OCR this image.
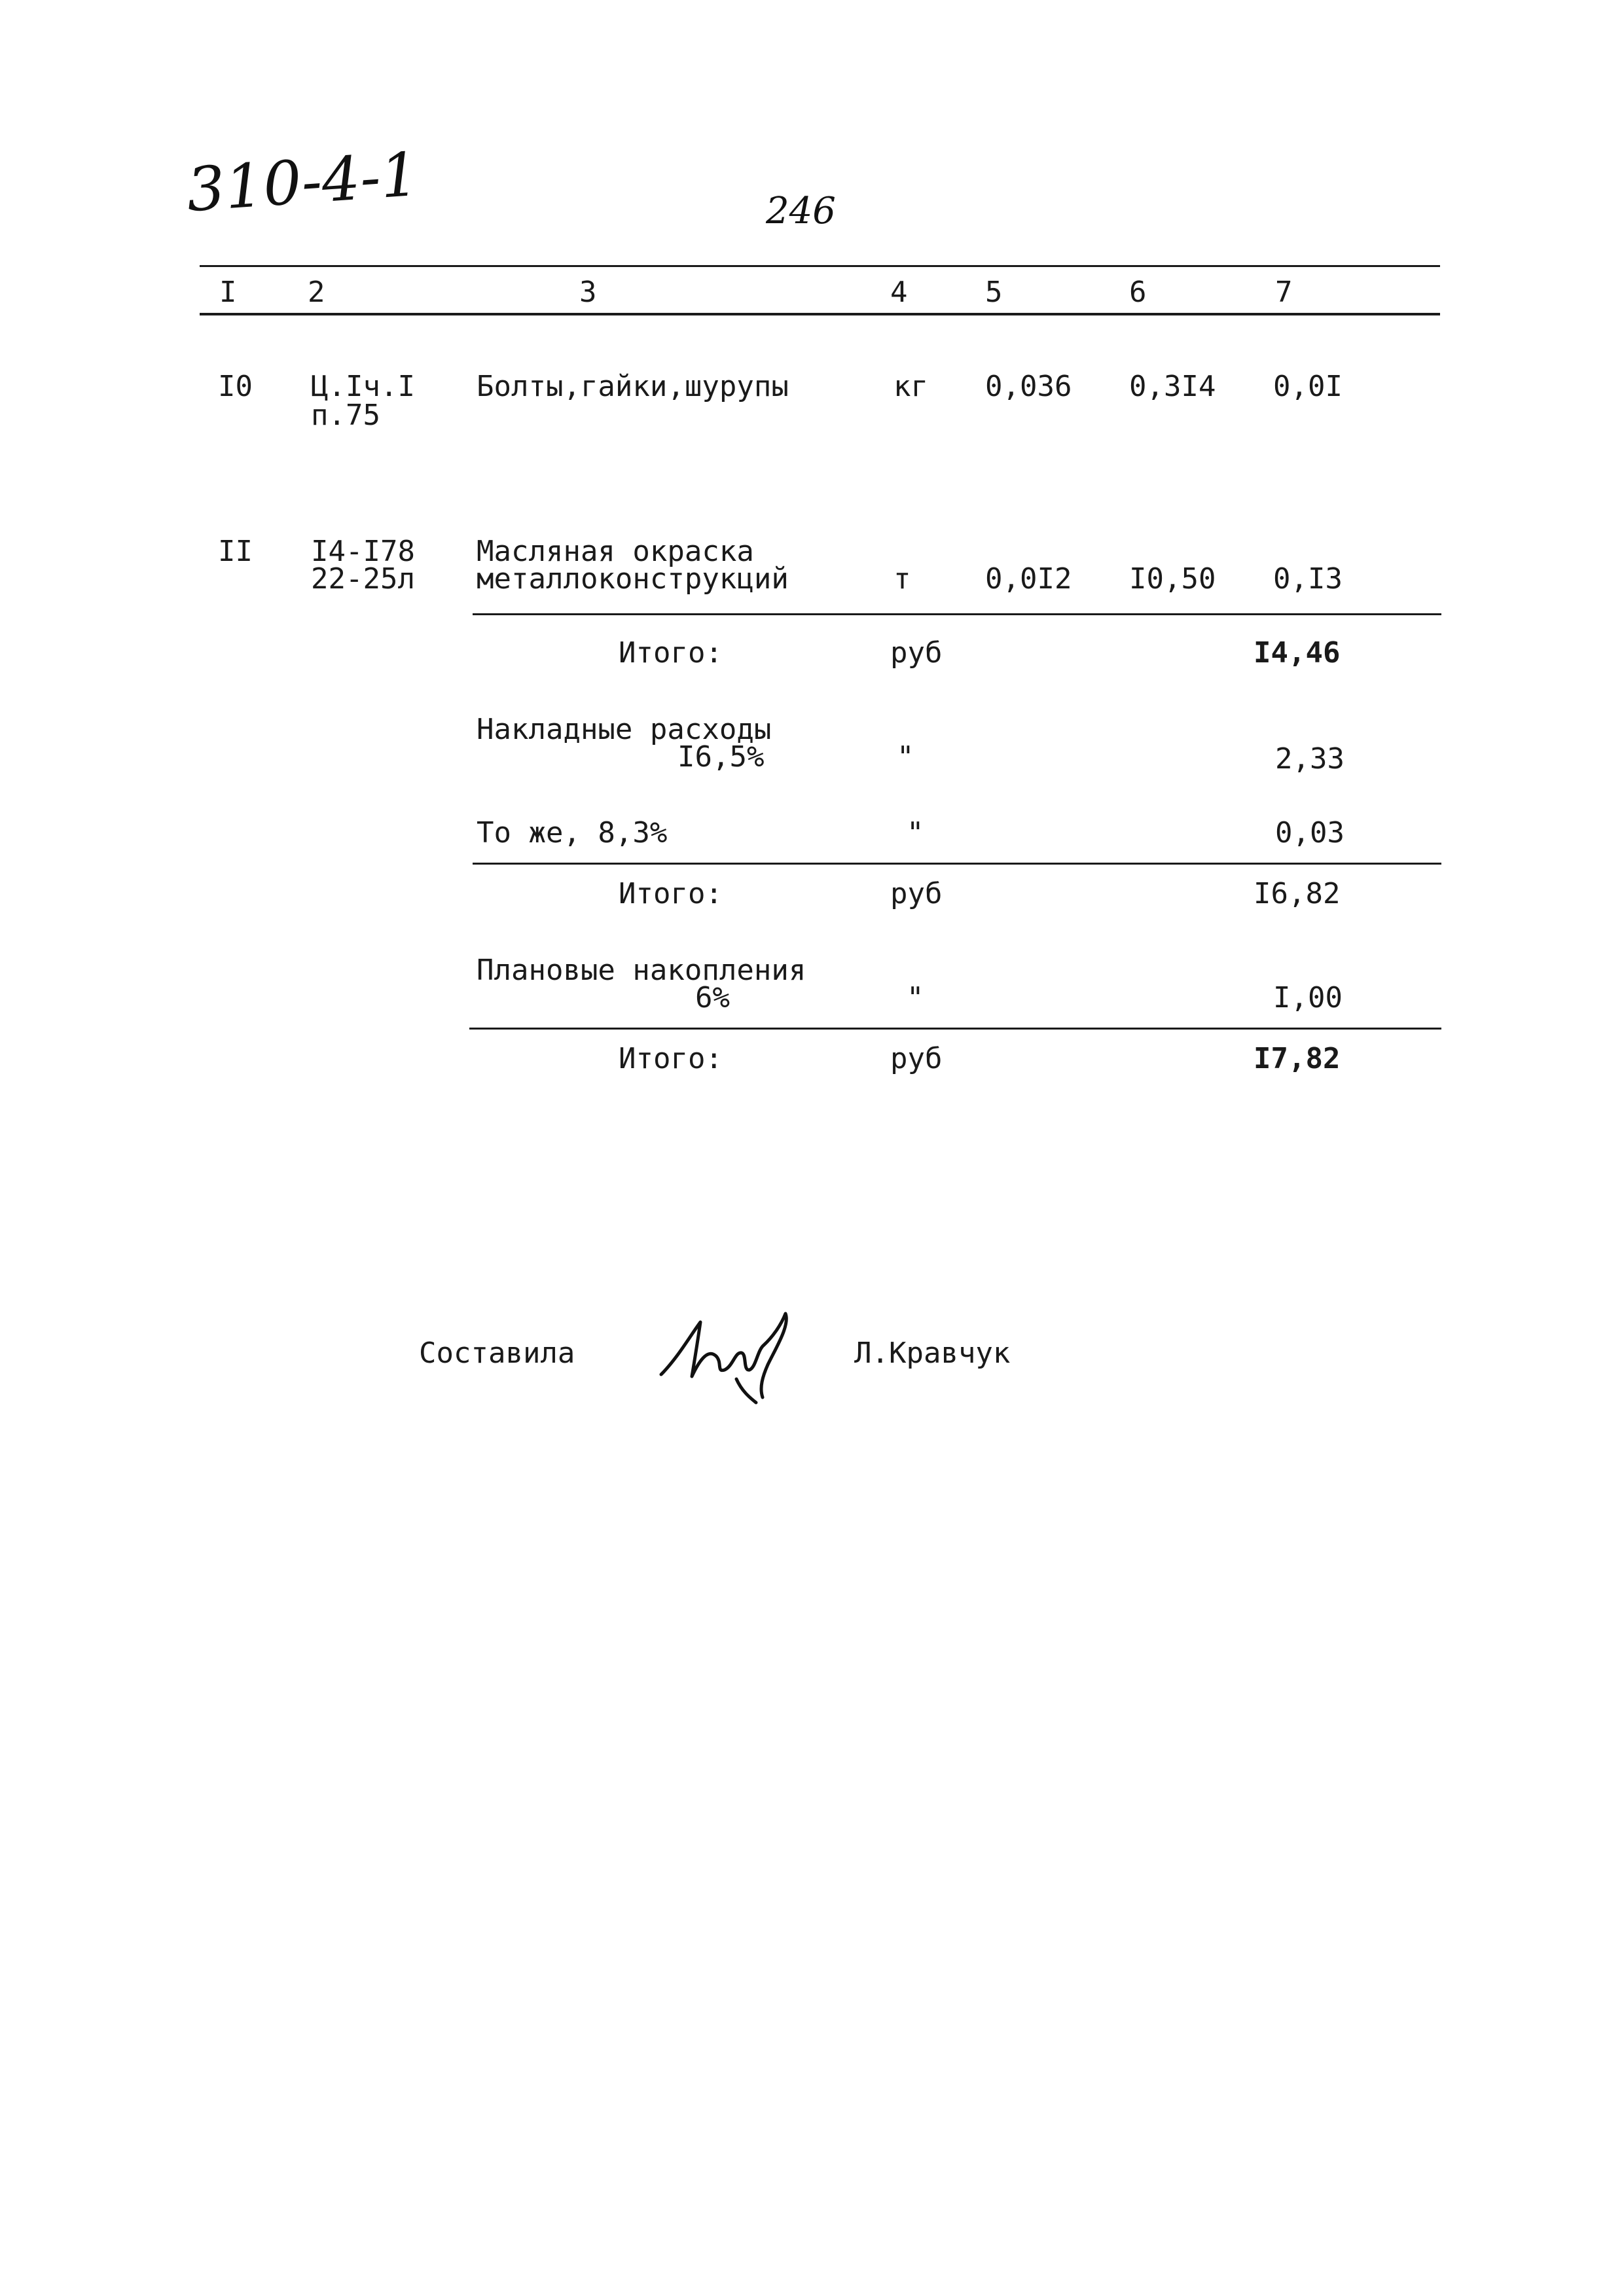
310-4-1	246
I 2	3	4	5	6	7
I0 Ц.Iч.I
п.75
Болты,гайки,шурупы	кг 0,036 0,3I4 0,0I
II I4-I78
22-25л
Масляная окраска
металлоконструкций	т	0,0I2 I0,50 0,I3
Итого:	руб	I4,46
Накладные расходы
I6,5%	"	2,33
То же, 8,3%	"	0,03
Итого:	руб	I6,82
Плановые накопления
6%	"	I,00
Итого:	руб	I7,82
Составила	Л.Кравчук
